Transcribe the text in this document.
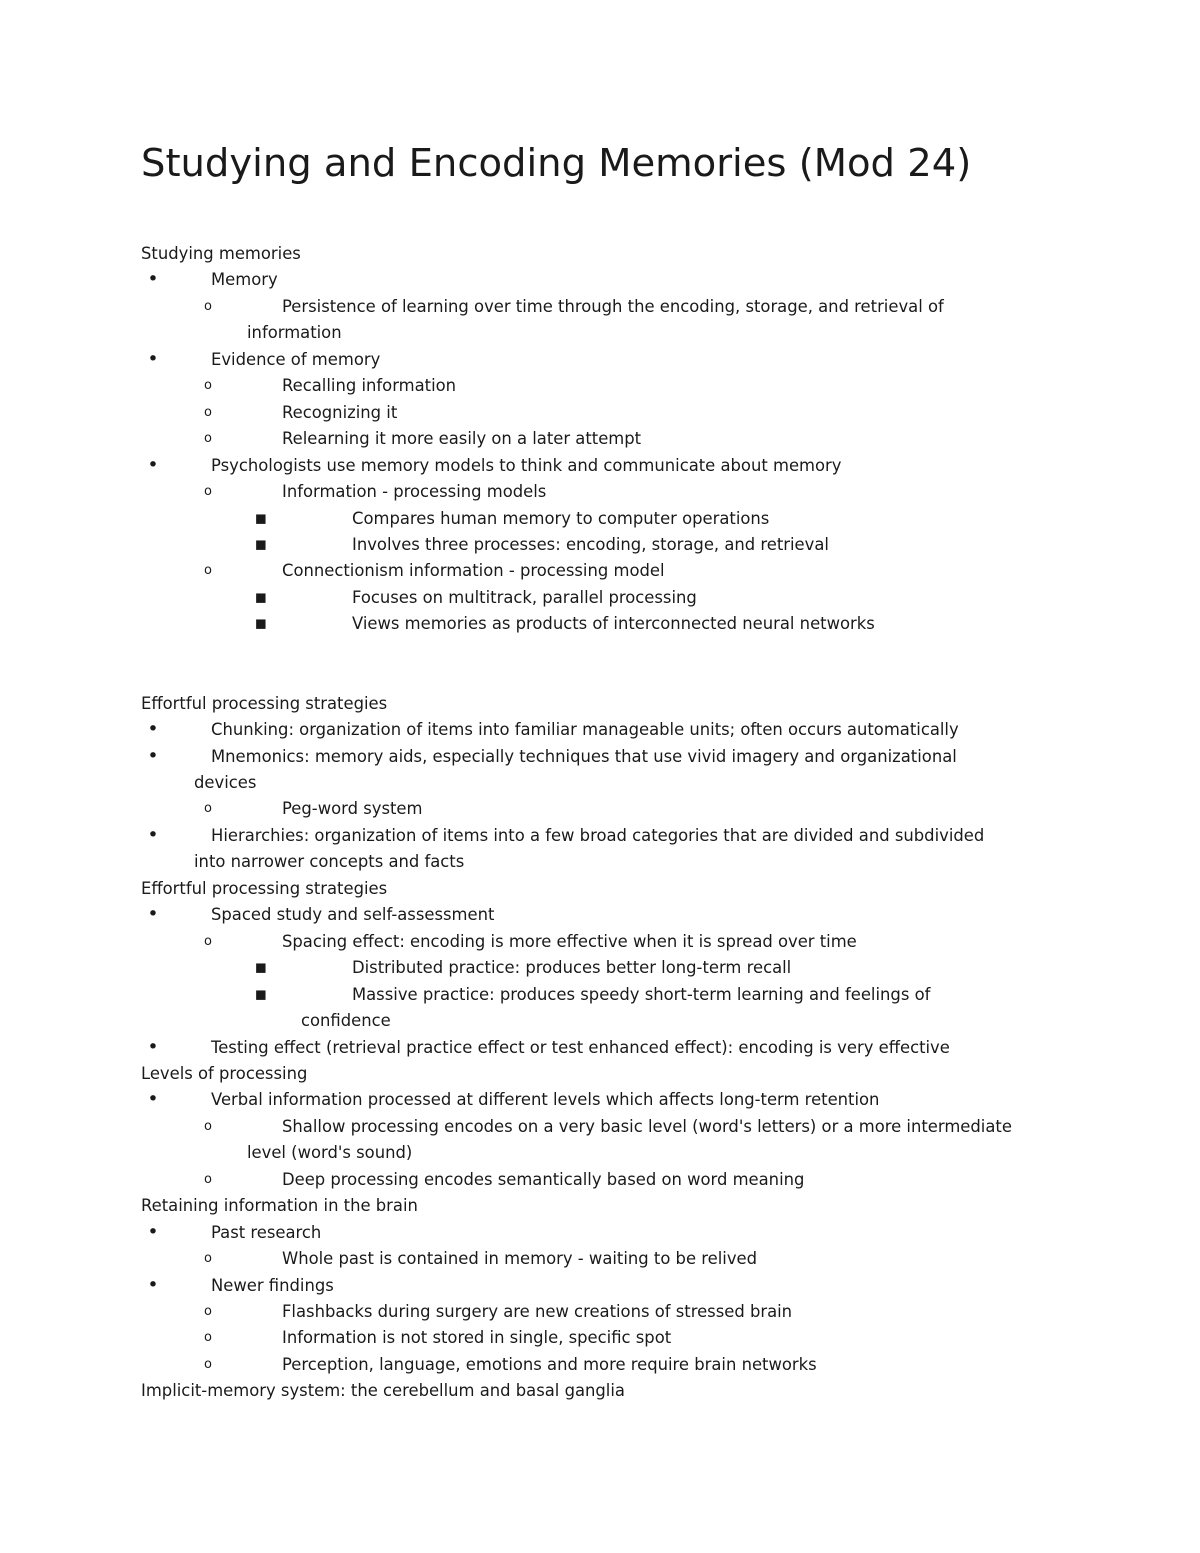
Studying and Encoding Memories (Mod 24)
Studying memories
•	Memory
o	Persistence of learning over time through the encoding, storage, and retrieval of
information
•	Evidence of memory
o	Recalling information
o	Recognizing it
o	Relearning it more easily on a later attempt
•	Psychologists use memory models to think and communicate about memory
o	Information - processing models
▪	Compares human memory to computer operations
▪	Involves three processes: encoding, storage, and retrieval
o	Connectionism information - processing model
▪	Focuses on multitrack, parallel processing
▪	Views memories as products of interconnected neural networks
Effortful processing strategies
•	Chunking: organization of items into familiar manageable units; often occurs automatically
•	Mnemonics: memory aids, especially techniques that use vivid imagery and organizational
devices
o	Peg-word system
•	Hierarchies: organization of items into a few broad categories that are divided and subdivided
into narrower concepts and facts
Effortful processing strategies
•	Spaced study and self-assessment
o	Spacing effect: encoding is more effective when it is spread over time
▪	Distributed practice: produces better long-term recall
▪	Massive practice: produces speedy short-term learning and feelings of
confidence
•	Testing effect (retrieval practice effect or test enhanced effect): encoding is very effective
Levels of processing
•	Verbal information processed at different levels which affects long-term retention
o	Shallow processing encodes on a very basic level (word's letters) or a more intermediate
level (word's sound)
o	Deep processing encodes semantically based on word meaning
Retaining information in the brain
•	Past research
o	Whole past is contained in memory - waiting to be relived
•	Newer findings
o	Flashbacks during surgery are new creations of stressed brain
o	Information is not stored in single, specific spot
o	Perception, language, emotions and more require brain networks
Implicit-memory system: the cerebellum and basal ganglia
